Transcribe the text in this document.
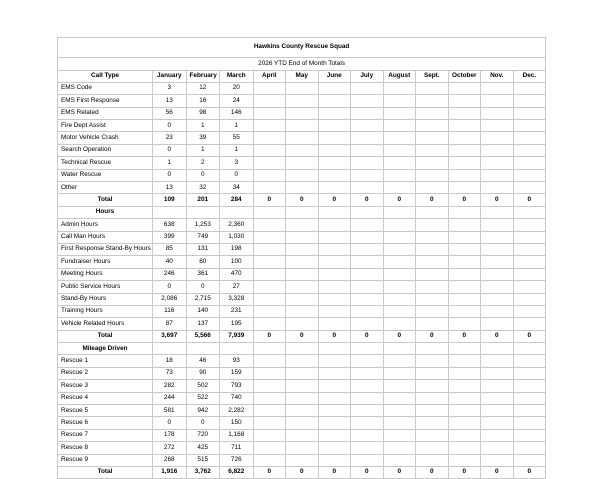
Hawkins County Rescue Squad												
2026 YTD End of Month Totals												
Call Type	January	February	March	April	May	June	July	August	Sept.	October	Nov.	Dec.
EMS Code	3	12	20									
EMS First Response	13	16	24									
EMS Related	56	98	146									
Fire Dept Assist	0	1	1									
Motor Vehicle Crash	23	39	55									
Search Operation	0	1	1									
Technical Rescue	1	2	3									
Water Rescue	0	0	0									
Other	13	32	34									
Total	109	201	284	0	0	0	0	0	0	0	0	0
Hours												
Admin Hours	638	1,253	2,360									
Call Man Hours	399	749	1,030									
First Response Stand-By Hours	85	131	198									
Fundraiser Hours	40	80	100									
Meeting Hours	246	361	470									
Public Service Hours	0	0	27									
Stand-By Hours	2,086	2,715	3,328									
Training Hours	116	140	231									
Vehicle Related Hours	87	137	195									
Total	3,697	5,566	7,939	0	0	0	0	0	0	0	0	0
Mileage Driven												
Rescue 1	18	46	93									
Rescue 2	73	90	159									
Rescue 3	282	502	793									
Rescue 4	244	522	740									
Rescue 5	581	942	2,282									
Rescue 6	0	0	150									
Rescue 7	178	720	1,168									
Rescue 8	272	425	711									
Rescue 9	268	515	726									
Total	1,916	3,762	6,822	0	0	0	0	0	0	0	0	0
